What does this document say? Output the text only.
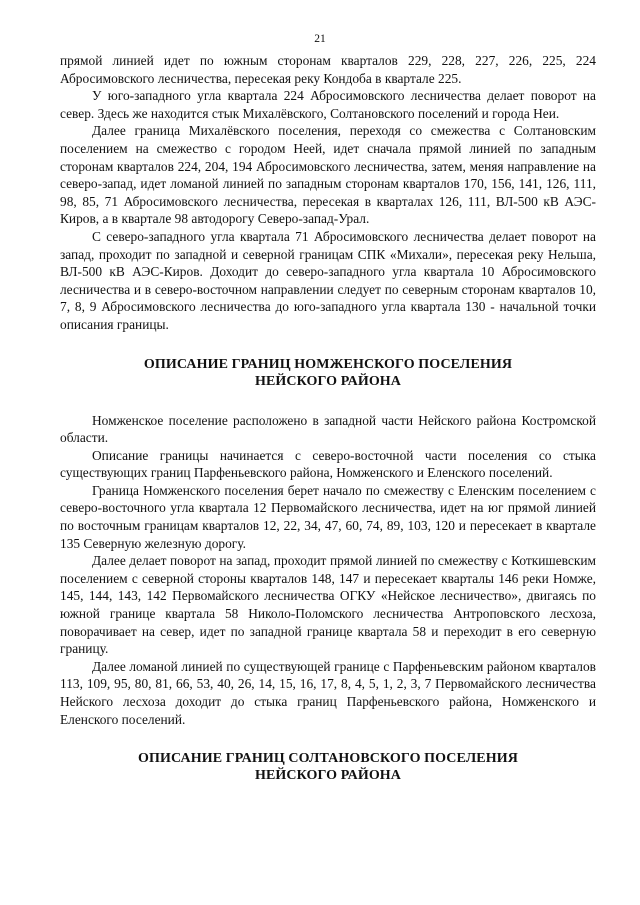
21

прямой линией идет по южным сторонам кварталов 229, 228, 227, 226, 225, 224 Абросимовского лесничества, пересекая реку Кондоба в квартале 225.

У юго-западного угла квартала 224 Абросимовского лесничества делает поворот на север. Здесь же находится стык Михалёвского, Солтановского поселений и города Неи.

Далее граница Михалёвского поселения, переходя со смежества с Солтановским поселением на смежество с городом Неей, идет сначала прямой линией по западным сторонам кварталов 224, 204, 194 Абросимовского лесничества, затем, меняя направление на северо-запад, идет ломаной линией по западным сторонам кварталов 170, 156, 141, 126, 111, 98, 85, 71 Абросимовского лесничества, пересекая в кварталах 126, 111, ВЛ-500 кВ АЭС-Киров, а в квартале 98 автодорогу Северо-запад-Урал.

С северо-западного угла квартала 71 Абросимовского лесничества делает поворот на запад, проходит по западной и северной границам СПК «Михали», пересекая реку Нельша, ВЛ-500 кВ АЭС-Киров. Доходит до северо-западного угла квартала 10 Абросимовского лесничества и в северо-восточном направлении следует по северным сторонам кварталов 10, 7, 8, 9 Абросимовского лесничества до юго-западного угла квартала 130 - начальной точки описания границы.

ОПИСАНИЕ ГРАНИЦ НОМЖЕНСКОГО ПОСЕЛЕНИЯ
НЕЙСКОГО РАЙОНА

Номженское поселение расположено в западной части Нейского района Костромской области.

Описание границы начинается с северо-восточной части поселения со стыка существующих границ Парфеньевского района, Номженского и Еленского поселений.

Граница Номженского поселения берет начало по смежеству с Еленским поселением с северо-восточного угла квартала 12 Первомайского лесничества, идет на юг прямой линией по восточным границам кварталов 12, 22, 34, 47, 60, 74, 89, 103, 120 и пересекает в квартале 135 Северную железную дорогу.

Далее делает поворот на запад, проходит прямой линией по смежеству с Коткишевским поселением с северной стороны кварталов 148, 147 и пересекает кварталы 146 реки Номже, 145, 144, 143, 142 Первомайского лесничества ОГКУ «Нейское лесничество», двигаясь по южной границе квартала 58 Николо-Поломского лесничества Антроповского лесхоза, поворачивает на север, идет по западной границе квартала 58 и переходит в его северную границу.

Далее ломаной линией по существующей границе с Парфеньевским районом кварталов 113, 109, 95, 80, 81, 66, 53, 40, 26, 14, 15, 16, 17, 8, 4, 5, 1, 2, 3, 7 Первомайского лесничества Нейского лесхоза доходит до стыка границ Парфеньевского района, Номженского и Еленского поселений.

ОПИСАНИЕ ГРАНИЦ СОЛТАНОВСКОГО ПОСЕЛЕНИЯ
НЕЙСКОГО РАЙОНА
